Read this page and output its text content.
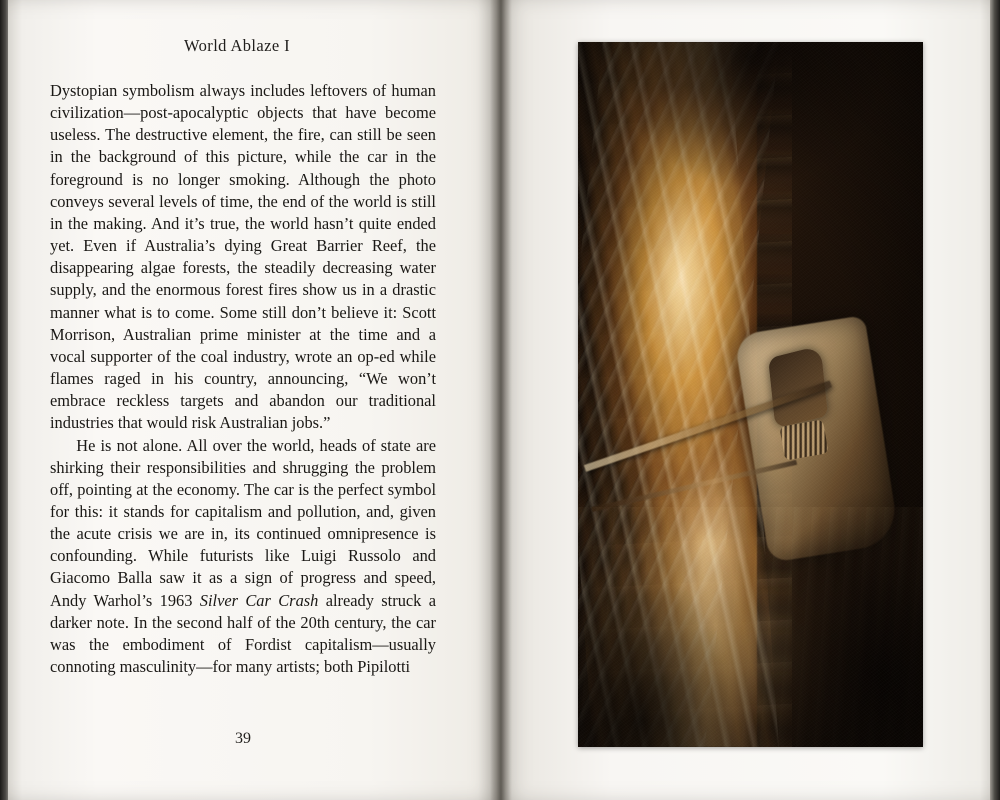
World Ablaze I

Dystopian symbolism always includes leftovers of human civilization—post-apocalyptic objects that have become useless. The destructive element, the fire, can still be seen in the background of this picture, while the car in the foreground is no longer smoking. Although the photo conveys several levels of time, the end of the world is still in the making. And it’s true, the world hasn’t quite ended yet. Even if Australia’s dying Great Barrier Reef, the disappearing algae forests, the steadily decreasing water supply, and the enormous forest fires show us in a drastic manner what is to come. Some still don’t believe it: Scott Morrison, Australian prime minister at the time and a vocal supporter of the coal industry, wrote an op-ed while flames raged in his country, announcing, “We won’t embrace reckless targets and abandon our traditional industries that would risk Australian jobs.”

He is not alone. All over the world, heads of state are shirking their responsibilities and shrugging the problem off, pointing at the economy. The car is the perfect symbol for this: it stands for capitalism and pollution, and, given the acute crisis we are in, its continued omnipresence is confounding. While futurists like Luigi Russolo and Giacomo Balla saw it as a sign of progress and speed, Andy Warhol’s 1963 Silver Car Crash already struck a darker note. In the second half of the 20th century, the car was the embodiment of Fordist capitalism—usually connoting masculinity—for many artists; both Pipilotti

39
